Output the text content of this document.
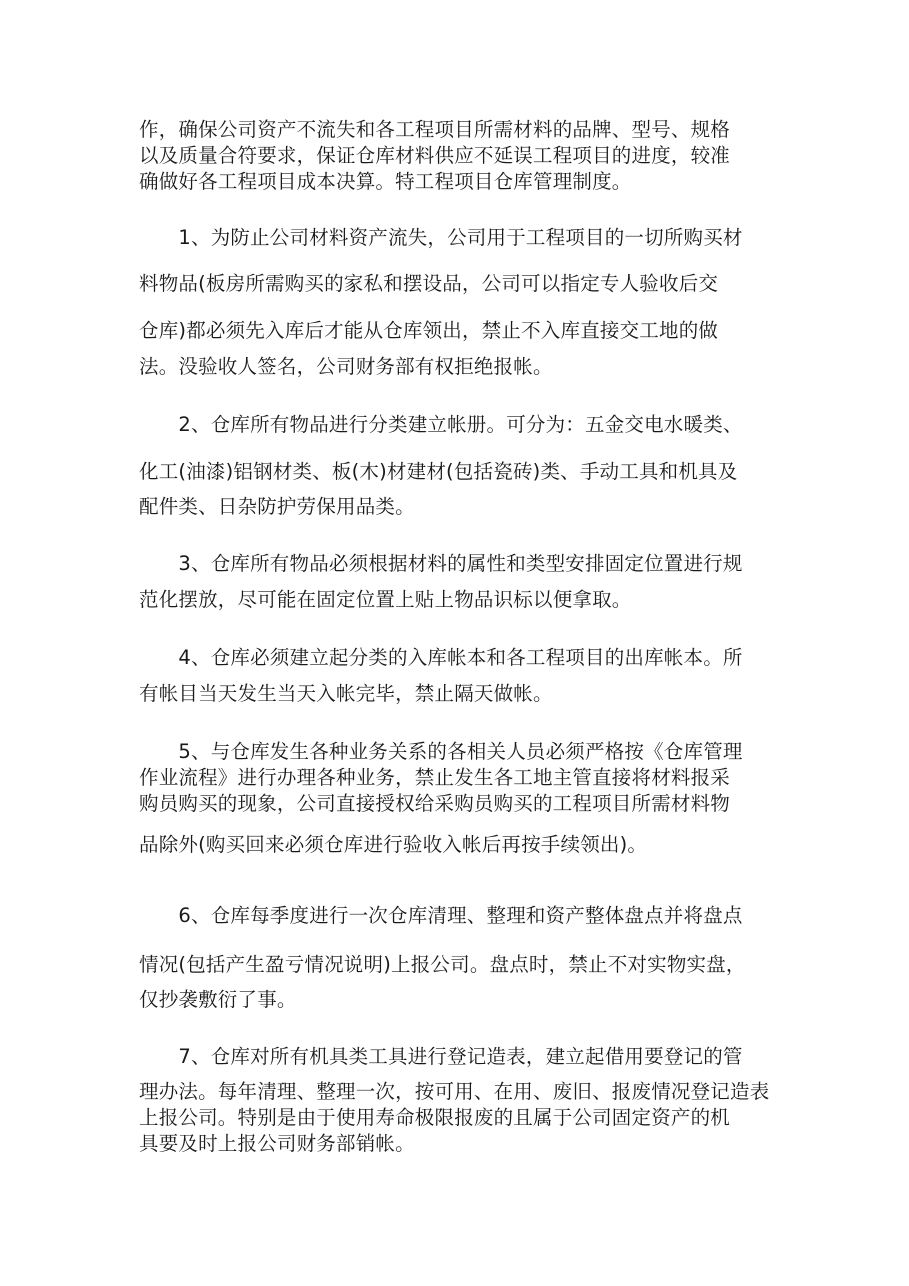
作，确保公司资产不流失和各工程项目所需材料的品牌、型号、规格
以及质量合符要求，保证仓库材料供应不延误工程项目的进度，较准
确做好各工程项目成本决算。特工程项目仓库管理制度。
　　1、为防止公司材料资产流失，公司用于工程项目的一切所购买材
料物品(板房所需购买的家私和摆设品，公司可以指定专人验收后交
仓库)都必须先入库后才能从仓库领出，禁止不入库直接交工地的做
法。没验收人签名，公司财务部有权拒绝报帐。
　　2、仓库所有物品进行分类建立帐册。可分为：五金交电水暖类、
化工(油漆)铝钢材类、板(木)材建材(包括瓷砖)类、手动工具和机具及
配件类、日杂防护劳保用品类。
　　3、仓库所有物品必须根据材料的属性和类型安排固定位置进行规
范化摆放，尽可能在固定位置上贴上物品识标以便拿取。
　　4、仓库必须建立起分类的入库帐本和各工程项目的出库帐本。所
有帐目当天发生当天入帐完毕，禁止隔天做帐。
　　5、与仓库发生各种业务关系的各相关人员必须严格按《仓库管理
作业流程》进行办理各种业务，禁止发生各工地主管直接将材料报采
购员购买的现象，公司直接授权给采购员购买的工程项目所需材料物
品除外(购买回来必须仓库进行验收入帐后再按手续领出)。
　　6、仓库每季度进行一次仓库清理、整理和资产整体盘点并将盘点
情况(包括产生盈亏情况说明)上报公司。盘点时，禁止不对实物实盘，
仅抄袭敷衍了事。
　　7、仓库对所有机具类工具进行登记造表，建立起借用要登记的管
理办法。每年清理、整理一次，按可用、在用、废旧、报废情况登记造表
上报公司。特别是由于使用寿命极限报废的且属于公司固定资产的机
具要及时上报公司财务部销帐。
